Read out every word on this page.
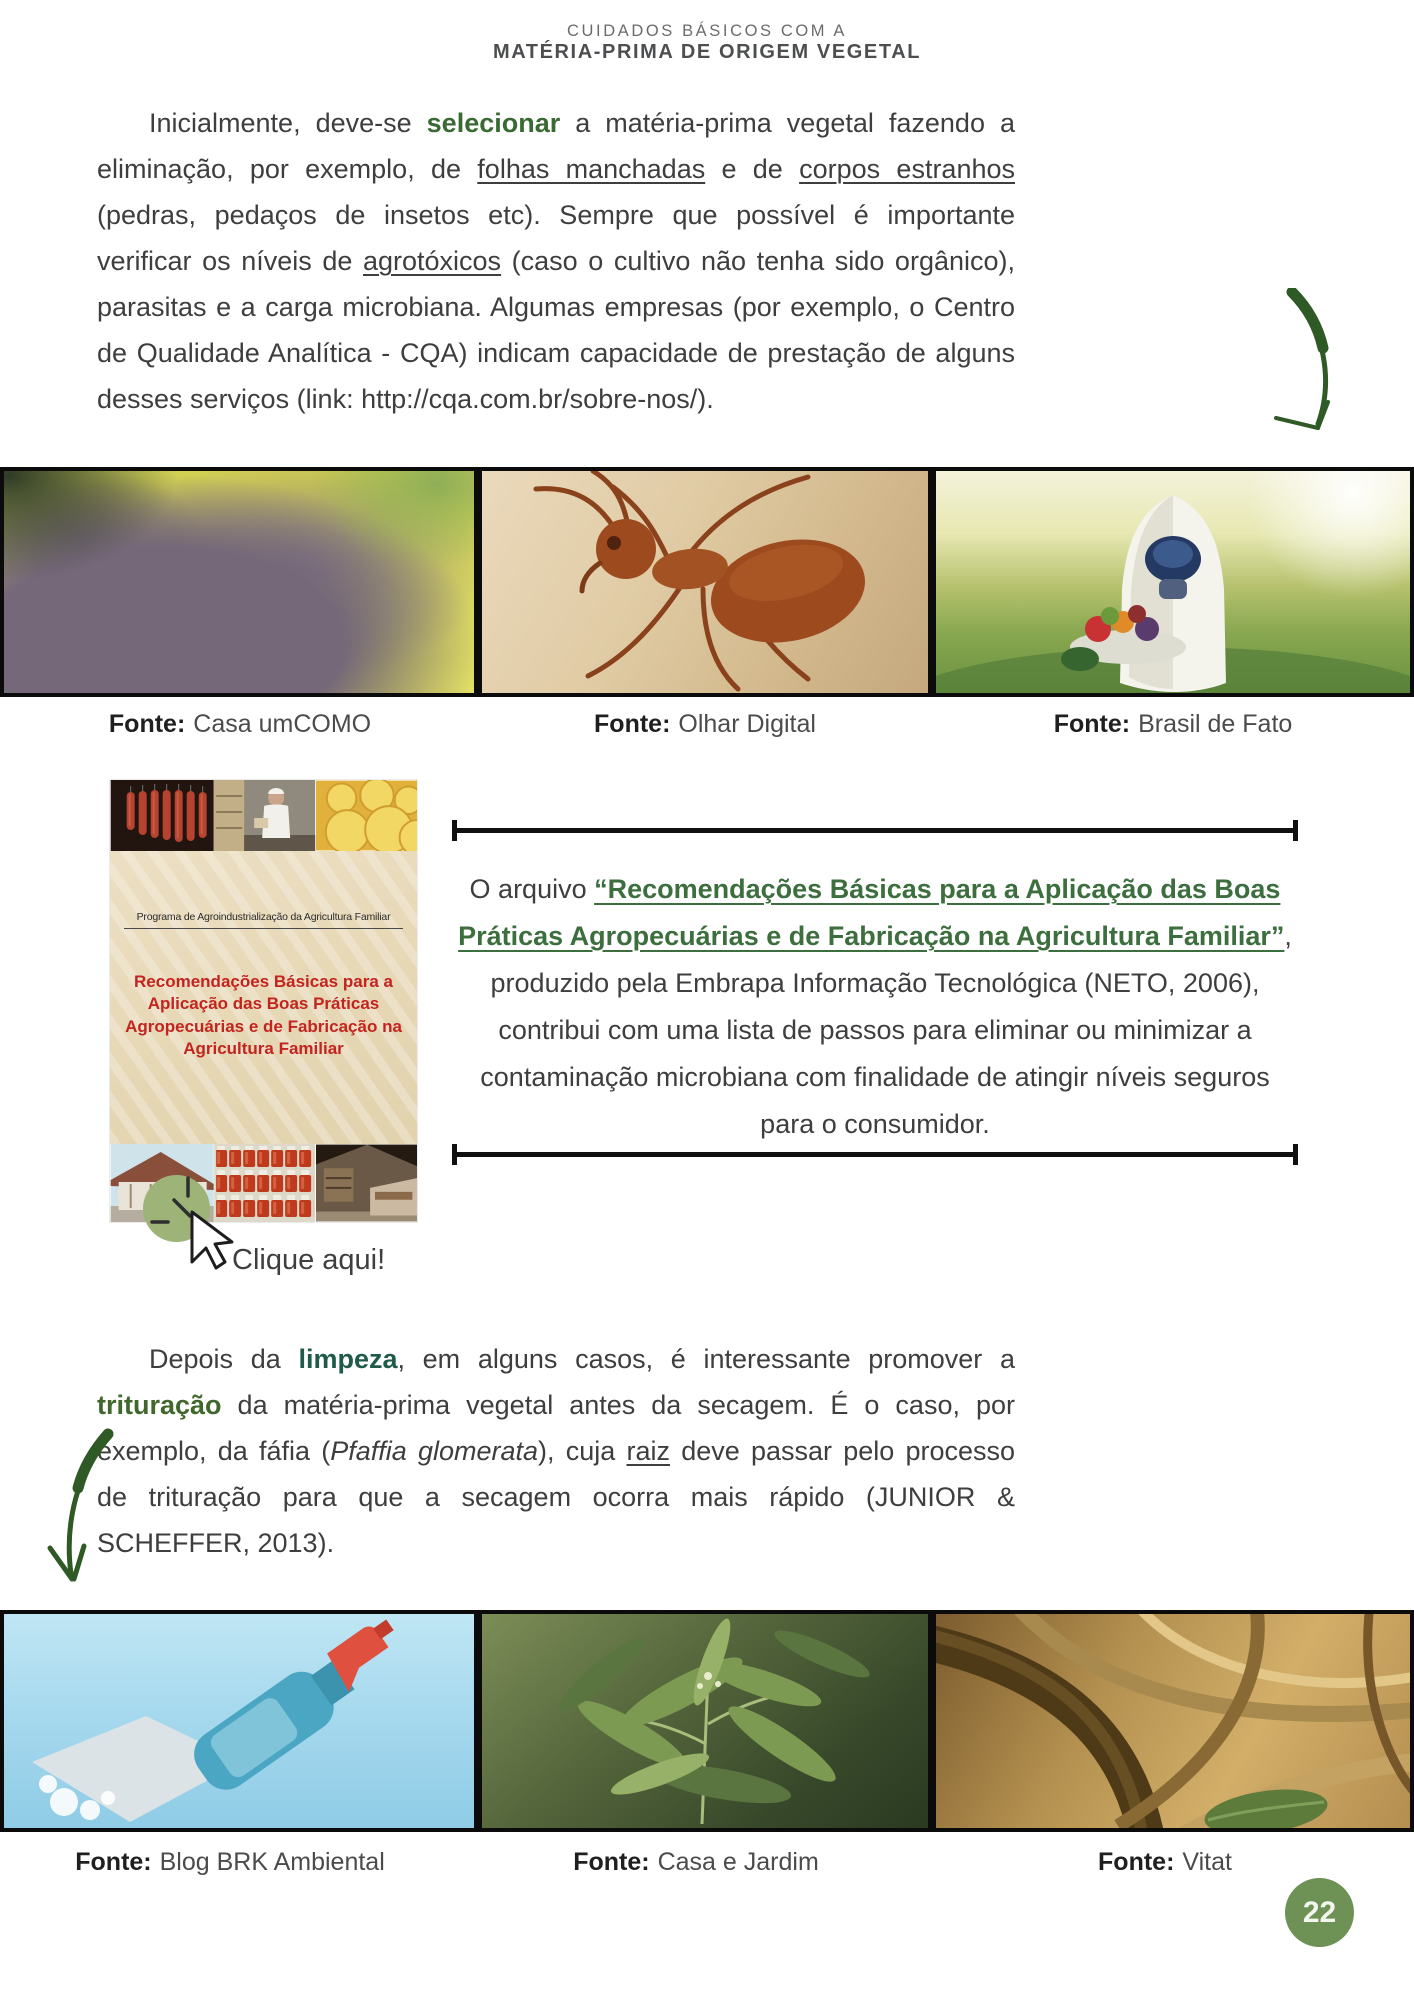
CUIDADOS BÁSICOS COM A
MATÉRIA-PRIMA DE ORIGEM VEGETAL

Inicialmente, deve-se selecionar a matéria-prima vegetal fazendo a eliminação, por exemplo, de folhas manchadas e de corpos estranhos (pedras, pedaços de insetos etc). Sempre que possível é importante verificar os níveis de agrotóxicos (caso o cultivo não tenha sido orgânico), parasitas e a carga microbiana. Algumas empresas (por exemplo, o Centro de Qualidade Analítica - CQA) indicam capacidade de prestação de alguns desses serviços (link: http://cqa.com.br/sobre-nos/).

Fonte: Casa umCOMO	Fonte: Olhar Digital	Fonte: Brasil de Fato
Programa de Agroindustrialização da Agricultura Familiar
Recomendações Básicas para a Aplicação das Boas Práticas Agropecuárias e de Fabricação na Agricultura Familiar
Clique aqui!

O arquivo “Recomendações Básicas para a Aplicação das Boas Práticas Agropecuárias e de Fabricação na Agricultura Familiar”, produzido pela Embrapa Informação Tecnológica (NETO, 2006), contribui com uma lista de passos para eliminar ou minimizar a contaminação microbiana com finalidade de atingir níveis seguros para o consumidor.

Depois da limpeza, em alguns casos, é interessante promover a trituração da matéria-prima vegetal antes da secagem. É o caso, por exemplo, da fáfia (Pfaffia glomerata), cuja raiz deve passar pelo processo de trituração para que a secagem ocorra mais rápido (JUNIOR & SCHEFFER, 2013).

Fonte: Blog BRK Ambiental	Fonte: Casa e Jardim	Fonte: Vitat
22
